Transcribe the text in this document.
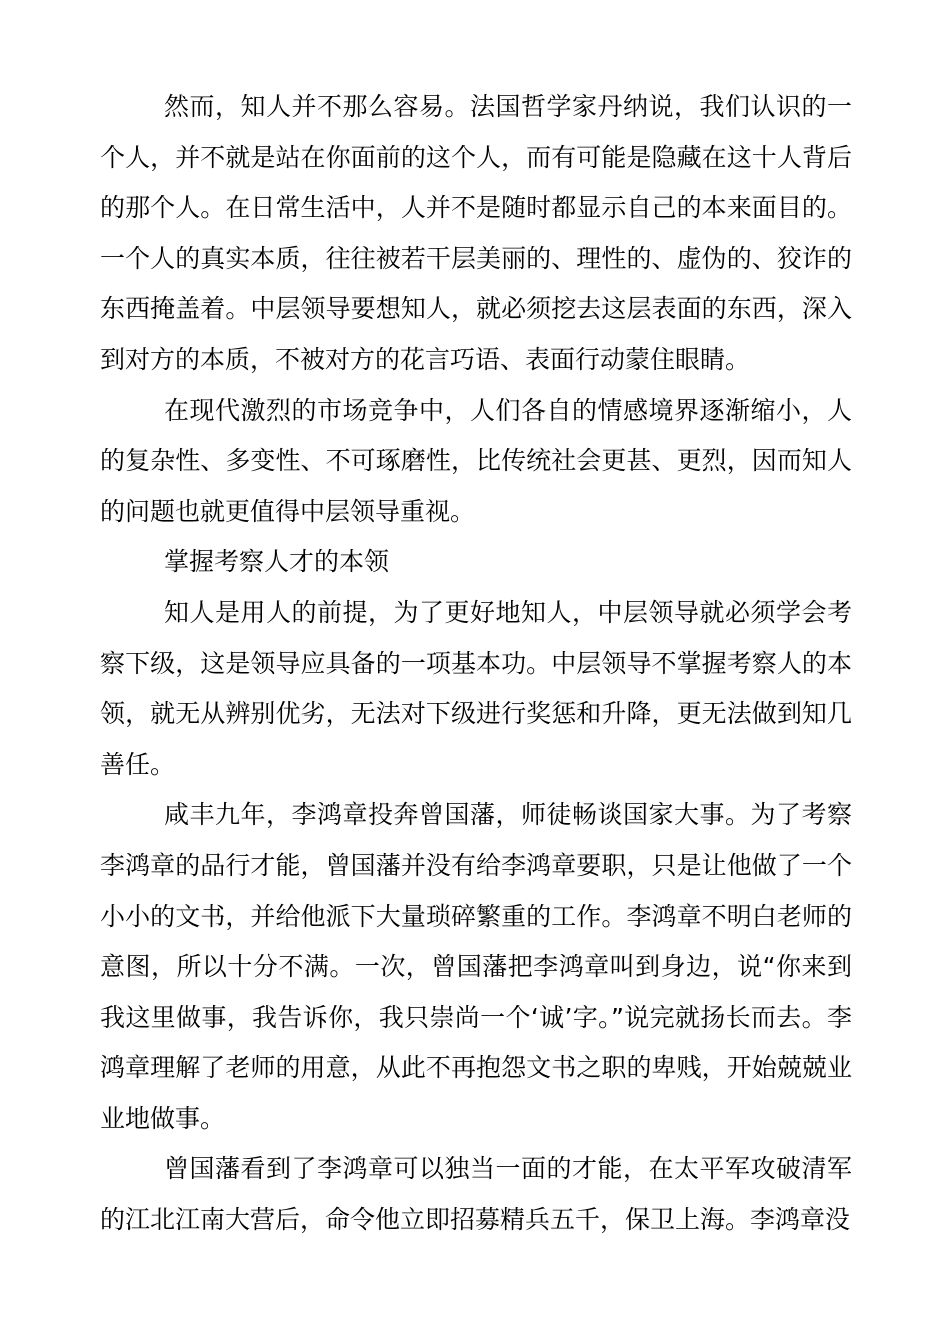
然而，知人并不那么容易。法国哲学家丹纳说，我们认识的一个人，并不就是站在你面前的这个人，而有可能是隐藏在这十人背后的那个人。在日常生活中，人并不是随时都显示自己的本来面目的。一个人的真实本质，往往被若干层美丽的、理性的、虚伪的、狡诈的东西掩盖着。中层领导要想知人，就必须挖去这层表面的东西，深入到对方的本质，不被对方的花言巧语、表面行动蒙住眼睛。

在现代激烈的市场竞争中，人们各自的情感境界逐渐缩小，人的复杂性、多变性、不可琢磨性，比传统社会更甚、更烈，因而知人的问题也就更值得中层领导重视。

掌握考察人才的本领

知人是用人的前提，为了更好地知人，中层领导就必须学会考察下级，这是领导应具备的一项基本功。中层领导不掌握考察人的本领，就无从辨别优劣，无法对下级进行奖惩和升降，更无法做到知几善任。

咸丰九年，李鸿章投奔曾国藩，师徒畅谈国家大事。为了考察李鸿章的品行才能，曾国藩并没有给李鸿章要职，只是让他做了一个小小的文书，并给他派下大量琐碎繁重的工作。李鸿章不明白老师的意图，所以十分不满。一次，曾国藩把李鸿章叫到身边，说“你来到我这里做事，我告诉你，我只崇尚一个‘诚’字。”说完就扬长而去。李鸿章理解了老师的用意，从此不再抱怨文书之职的卑贱，开始兢兢业业地做事。

曾国藩看到了李鸿章可以独当一面的才能，在太平军攻破清军的江北江南大营后，命令他立即招募精兵五千，保卫上海。李鸿章没
